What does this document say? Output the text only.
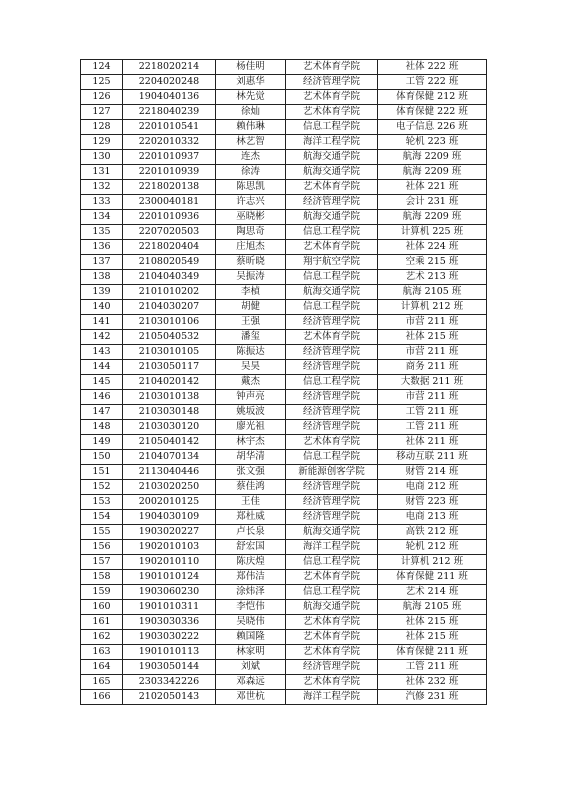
124	2218020214	杨佳明	艺术体育学院	社体 222 班
125	2204020248	刘惠华	经济管理学院	工管 222 班
126	1904040136	林先觉	艺术体育学院	体育保健 212 班
127	2218040239	徐灿	艺术体育学院	体育保健 222 班
128	2201010541	赖伟琳	信息工程学院	电子信息 226 班
129	2202010332	林艺智	海洋工程学院	轮机 223 班
130	2201010937	连杰	航海交通学院	航海 2209 班
131	2201010939	徐涛	航海交通学院	航海 2209 班
132	2218020138	陈思凯	艺术体育学院	社体 221 班
133	2300040181	许志兴	经济管理学院	会计 231 班
134	2201010936	巫晓彬	航海交通学院	航海 2209 班
135	2207020503	陶思奇	信息工程学院	计算机 225 班
136	2218020404	庄旭杰	艺术体育学院	社体 224 班
137	2108020549	蔡昕晓	翔宇航空学院	空乘 215 班
138	2104040349	吴振涛	信息工程学院	艺术 213 班
139	2101010202	李楨	航海交通学院	航海 2105 班
140	2104030207	胡健	信息工程学院	计算机 212 班
141	2103010106	王强	经济管理学院	市营 211 班
142	2105040532	潘玺	艺术体育学院	社体 215 班
143	2103010105	陈振达	经济管理学院	市营 211 班
144	2103050117	吴昊	经济管理学院	商务 211 班
145	2104020142	戴杰	信息工程学院	大数据 211 班
146	2103010138	钟声亮	经济管理学院	市营 211 班
147	2103030148	姚坂波	经济管理学院	工管 211 班
148	2103030120	廖光祖	经济管理学院	工管 211 班
149	2105040142	林宇杰	艺术体育学院	社体 211 班
150	2104070134	胡华清	信息工程学院	移动互联 211 班
151	2113040446	张文强	新能源创客学院	财管 214 班
152	2103020250	蔡佳鸿	经济管理学院	电商 212 班
153	2002010125	王佳	经济管理学院	财管 223 班
154	1904030109	郑杜威	经济管理学院	电商 213 班
155	1903020227	卢长泉	航海交通学院	高铁 212 班
156	1902010103	舒宏国	海洋工程学院	轮机 212 班
157	1902010110	陈庆煌	信息工程学院	计算机 212 班
158	1901010124	郑伟洁	艺术体育学院	体育保健 211 班
159	1903060230	涂炜泽	信息工程学院	艺术 214 班
160	1901010311	李恺伟	航海交通学院	航海 2105 班
161	1903030336	吴晓伟	艺术体育学院	社体 215 班
162	1903030222	赖国隆	艺术体育学院	社体 215 班
163	1901010113	林家明	艺术体育学院	体育保健 211 班
164	1903050144	刘斌	经济管理学院	工管 211 班
165	2303342226	邓森远	艺术体育学院	社体 232 班
166	2102050143	邓世杭	海洋工程学院	汽修 231 班
